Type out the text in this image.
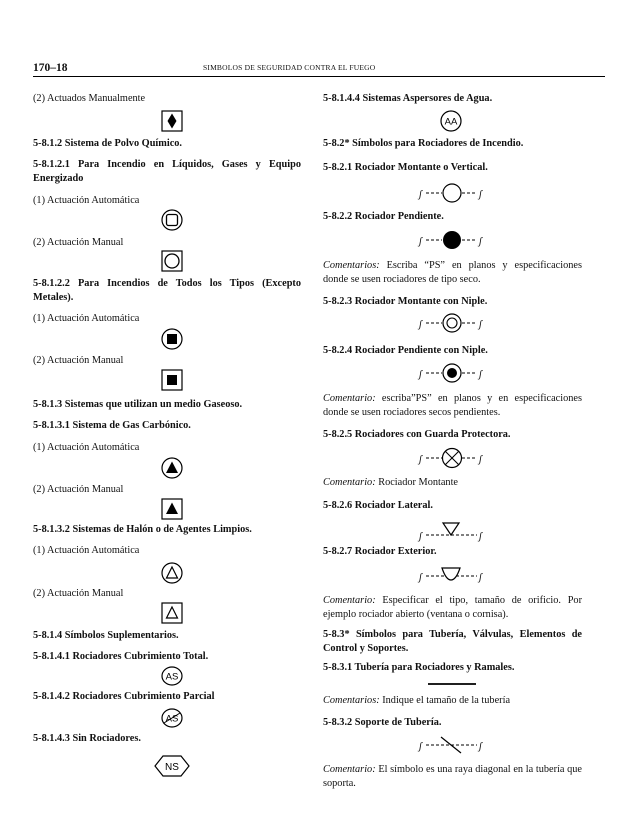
170–18	SIMBOLOS DE SEGURIDAD CONTRA EL FUEGO
(2) Actuados Manualmente
5-8.1.2 Sistema de Polvo Químico.
5-8.1.2.1 Para Incendio en Líquidos, Gases y Equipo Energizado
(1) Actuación Automática
(2) Actuación Manual
5-8.1.2.2 Para Incendios de Todos los Tipos (Excepto Metales).
(1) Actuación Automática
(2) Actuación Manual
5-8.1.3 Sistemas que utilizan un medio Gaseoso.
5-8.1.3.1 Sistema de Gas Carbónico.
(1) Actuación Automática
(2) Actuación Manual
5-8.1.3.2 Sistemas de Halón o de Agentes Limpios.
(1) Actuación Automática
(2) Actuación Manual
5-8.1.4 Símbolos Suplementarios.
5-8.1.4.1 Rociadores Cubrimiento Total.
AS
5-8.1.4.2 Rociadores Cubrimiento Parcial
AS
5-8.1.4.3 Sin Rociadores.
NS
5-8.1.4.4 Sistemas Aspersores de Agua.
AA
5-8.2* Símbolos para Rociadores de Incendio.
5-8.2.1 Rociador Montante o Vertical.
ʃ	ʃ
5-8.2.2 Rociador Pendiente.
ʃ	ʃ
Comentarios: Escriba “PS” en planos y especificaciones donde se usen rociadores de tipo seco.
5-8.2.3 Rociador Montante con Niple.
ʃ	ʃ
5-8.2.4 Rociador Pendiente con Niple.
ʃ	ʃ
Comentario: escriba”PS” en planos y en especificaciones donde se usen rociadores secos pendientes.
5-8.2.5 Rociadores con Guarda Protectora.
ʃ	ʃ
Comentario: Rociador Montante
5-8.2.6 Rociador Lateral.
ʃ	ʃ
5-8.2.7 Rociador Exterior.
ʃ	ʃ
Comentario: Especificar el tipo, tamaño de orificio. Por ejemplo rociador abierto (ventana o cornisa).
5-8.3* Símbolos para Tubería, Válvulas, Elementos de Control y Soportes.
5-8.3.1 Tubería para Rociadores y Ramales.
Comentarios: Indique el tamaño de la tubería
5-8.3.2 Soporte de Tubería.
ʃ	ʃ
Comentario: El símbolo es una raya diagonal en la tubería que soporta.
